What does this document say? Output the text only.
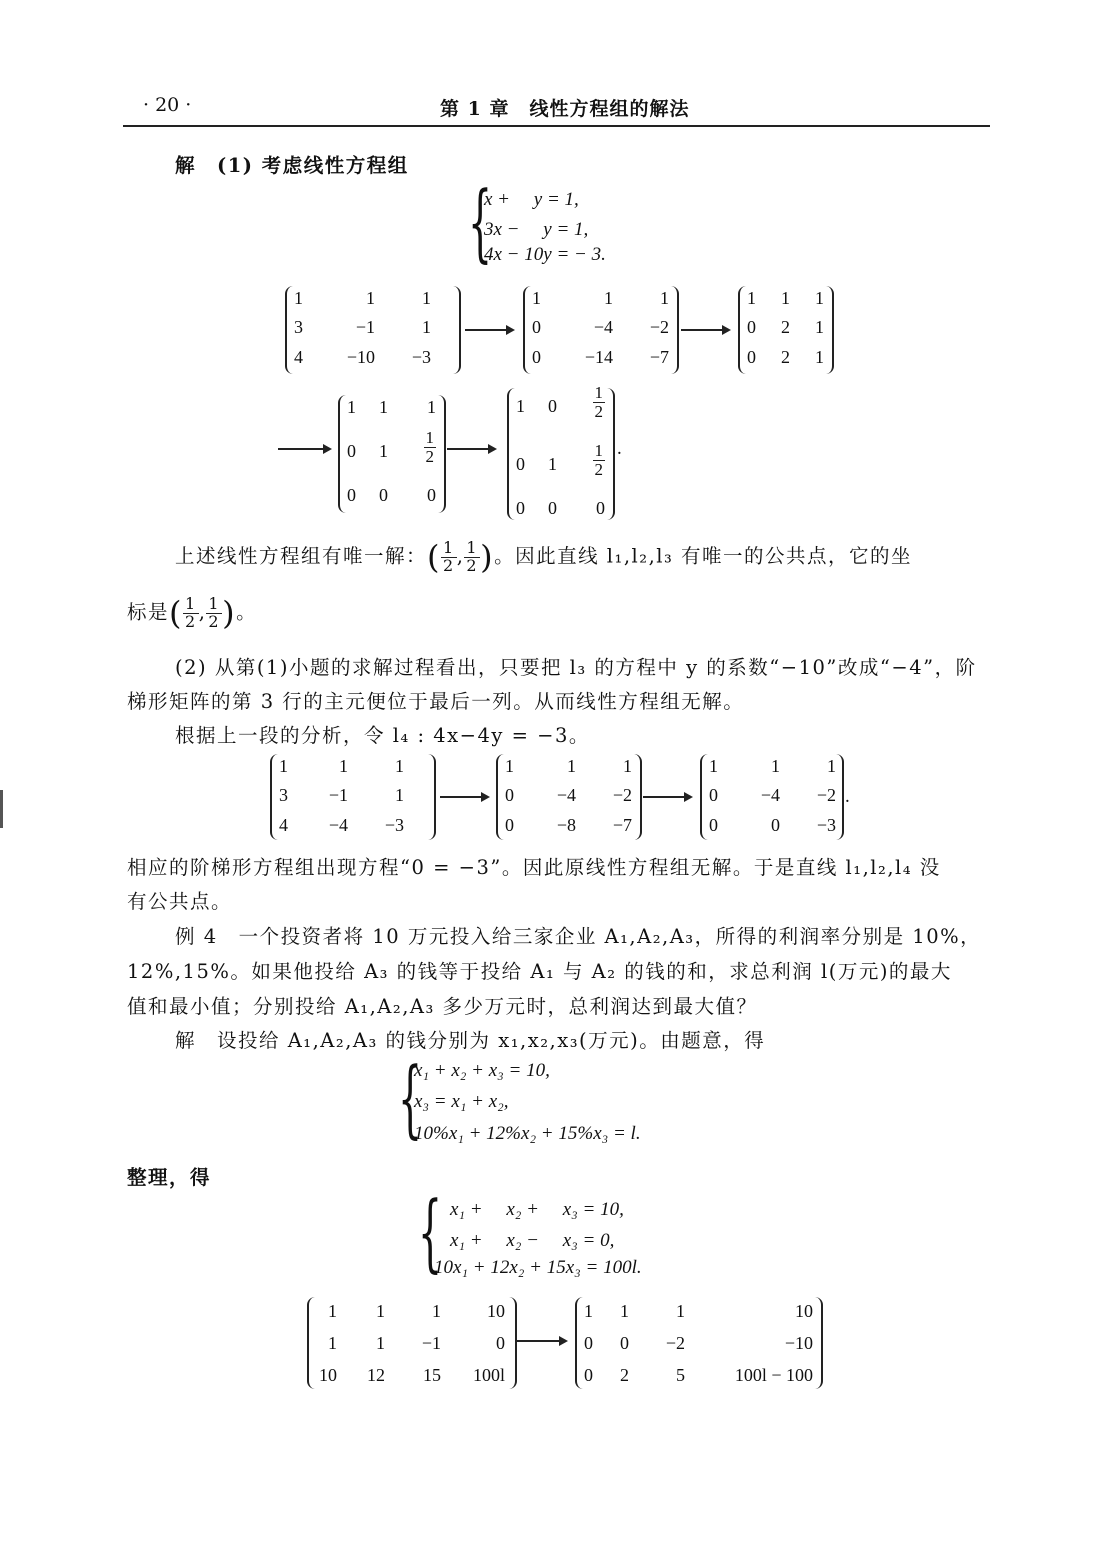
· 20 ·	第 1 章　线性方程组的解法
解　(1) 考虑线性方程组
{
x +　 y = 1,
3x −　 y = 1,
4x − 10y = − 3.
1	1	1
3	−1	1
4 −10 −3
1	1	1
0	−4 −2
0 −14 −7
1 1 1
0 2 1
0 2 1
1 1 1
0 $1 \frac{1}{2}$
0 0 0
1 $0 \frac{1}{2}$
0 $1 \frac{1}{2}$
0 0 0
.
上述线性方程组有唯一解：( $\frac{1}{2}$ , $\frac{1}{2}$ )。因此直线 l₁,l₂,l₃ 有唯一的公共点，它的坐
标是( $\frac{1}{2}$ , $\frac{1}{2}$ )。
(2) 从第(1)小题的求解过程看出，只要把 l₃ 的方程中 y 的系数“−10”改成“−4”，阶
梯形矩阵的第 3 行的主元便位于最后一列。从而线性方程组无解。
根据上一段的分析，令 l₄ : 4x−4y = −3。
1	1	1
3 −1	1
4 −4 −3
1	1	1
0 −4 −2
0 −8 −7
1	1	1
0 −4 −2
0	0 −3
.
相应的阶梯形方程组出现方程“0 = −3”。因此原线性方程组无解。于是直线 l₁,l₂,l₄ 没
有公共点。
例 4　一个投资者将 10 万元投入给三家企业 A₁,A₂,A₃，所得的利润率分别是 10%，
12%,15%。如果他投给 A₃ 的钱等于投给 A₁ 与 A₂ 的钱的和，求总利润 l(万元)的最大
值和最小值；分别投给 A₁,A₂,A₃ 多少万元时，总利润达到最大值？
解　设投给 A₁,A₂,A₃ 的钱分别为 x₁,x₂,x₃(万元)。由题意，得
{
x₁ + x₂ + x₃ = 10,
x₃ = x₁ + x₂,
10%x₁ + 12%x₂ + 15%x₃ = l.
整理，得
{ x₁ +　 x₂ +　 x₃ = 10,
x₁ +　 x₂ −　 x₃ = 0,
10x₁ + 12x₂ + 15x₃ = 100l.
1 1	1	10
1 1 −1	0
10 12 15 100l
1 1	1	10
0 0 −2	−10
0 2	5	100l − 100
